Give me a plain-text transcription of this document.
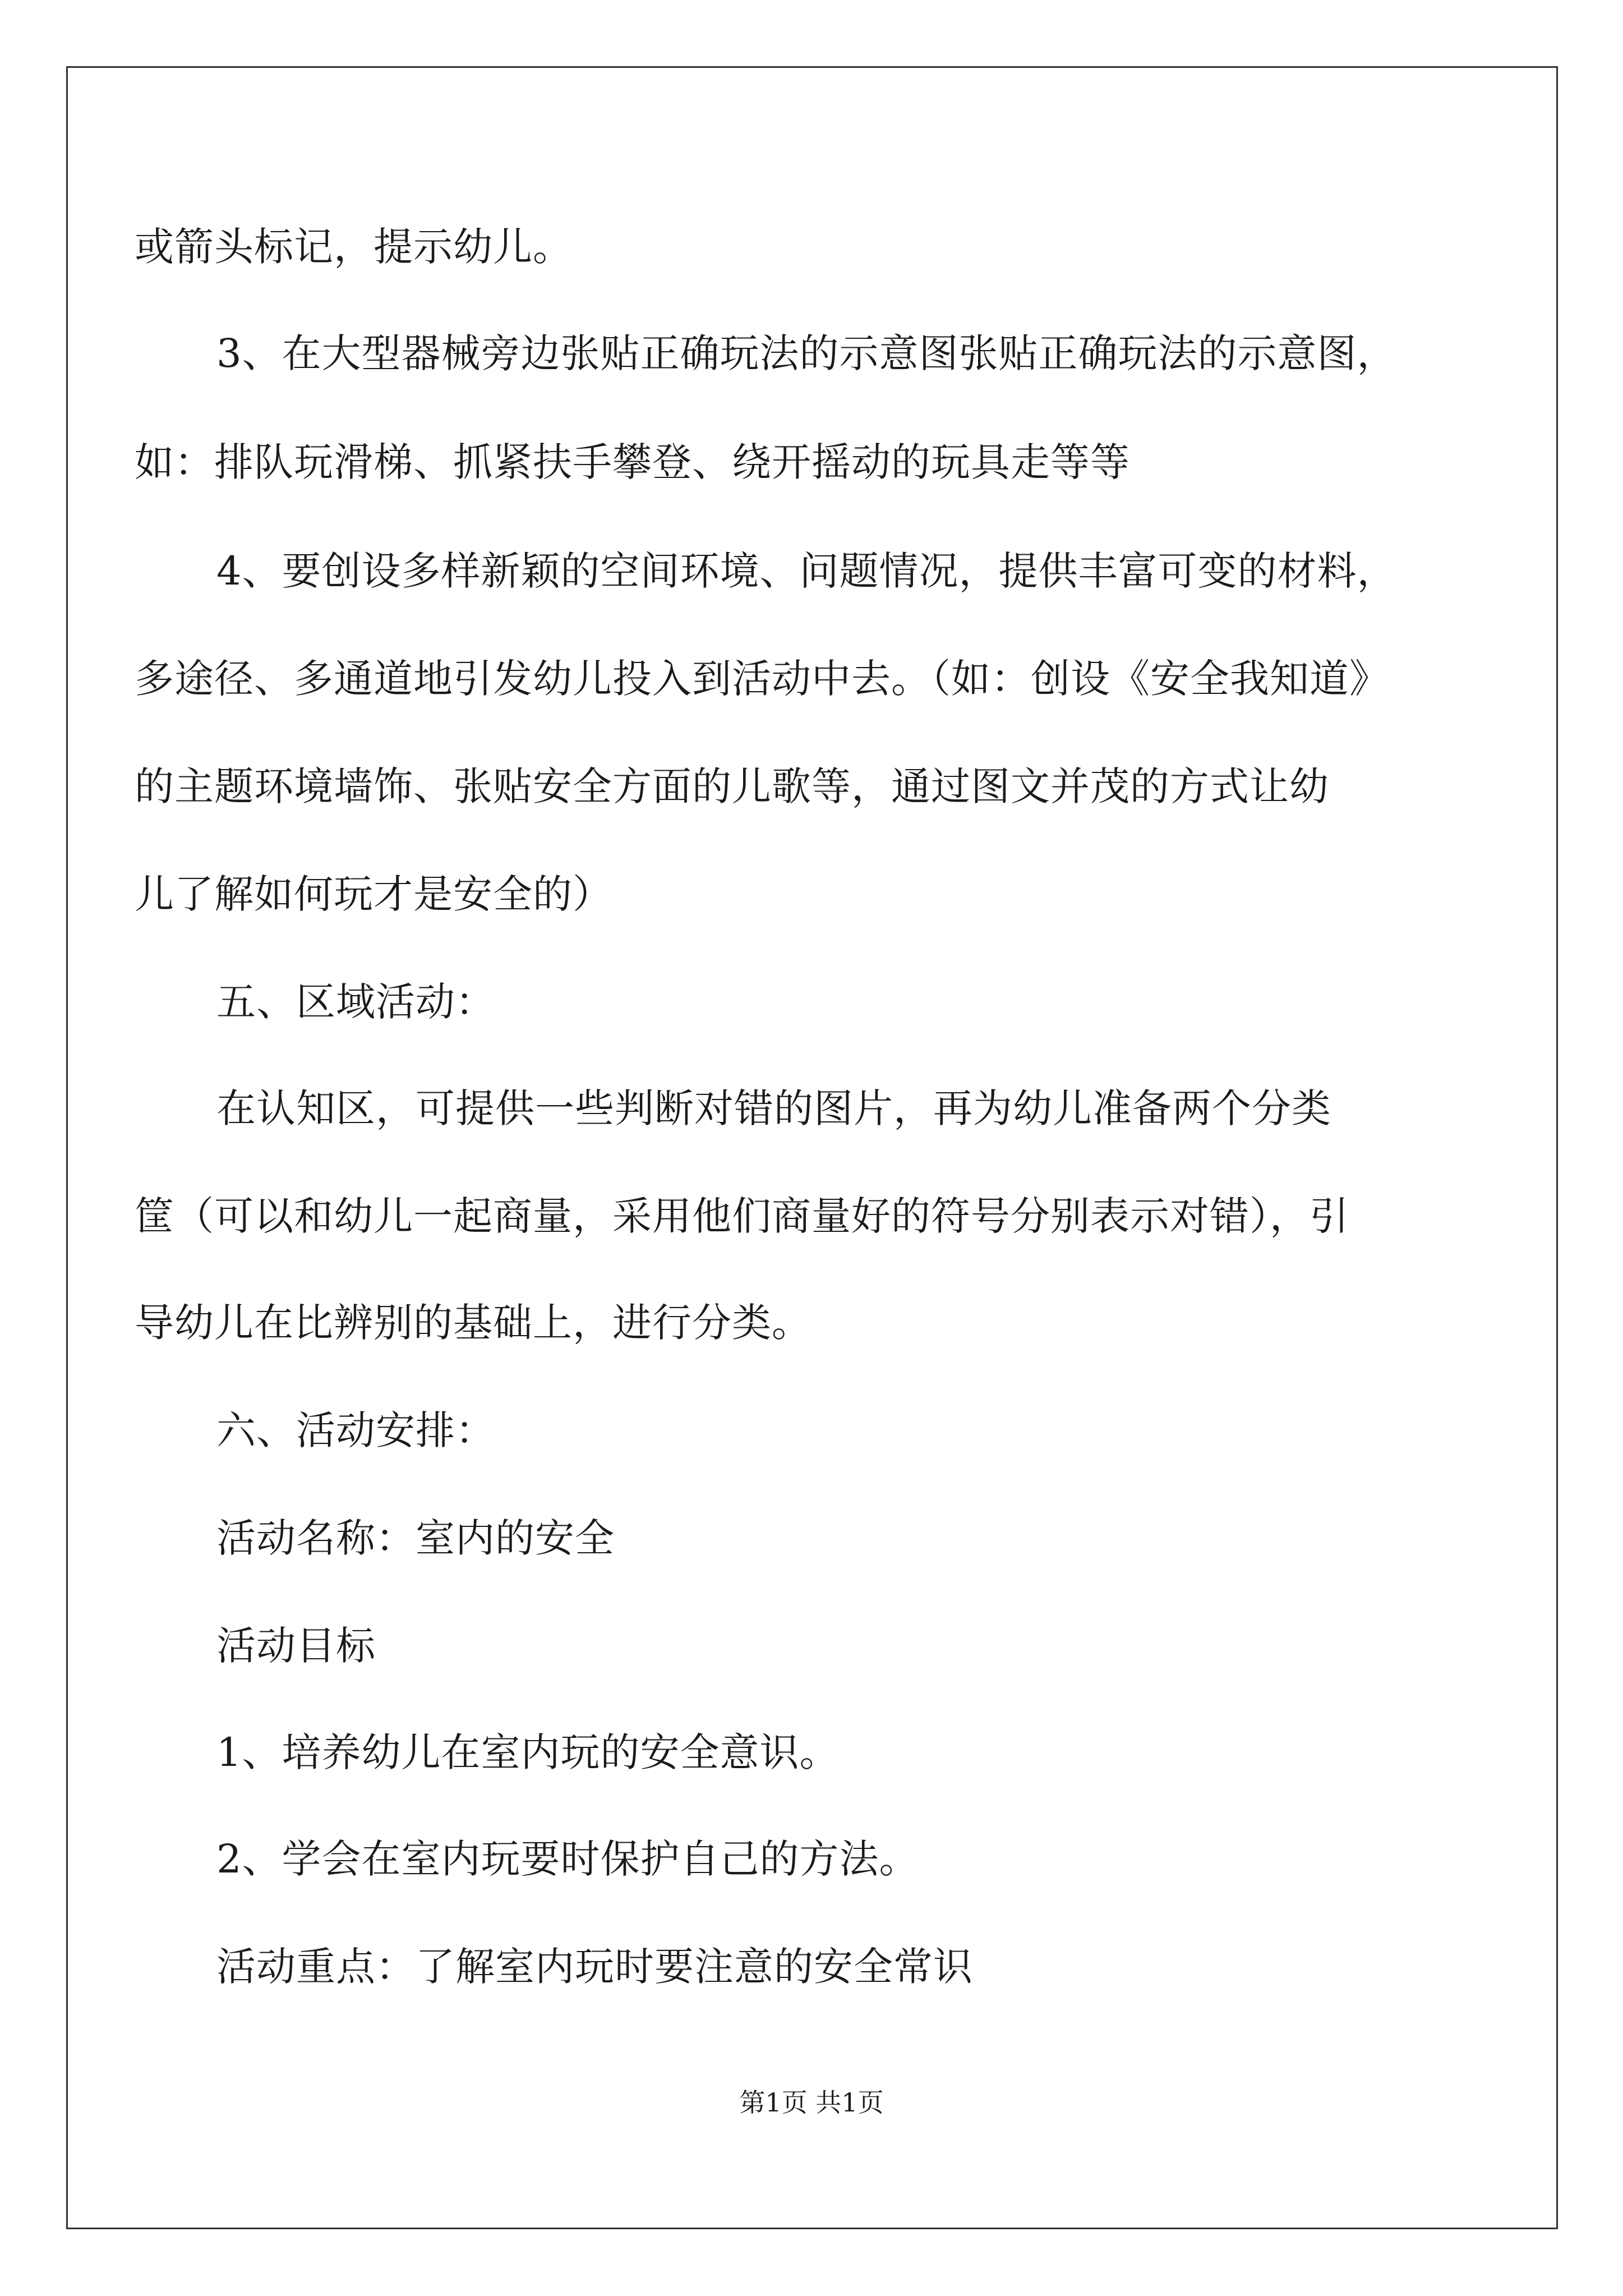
或箭头标记，提示幼儿。
3、在大型器械旁边张贴正确玩法的示意图张贴正确玩法的示意图，
如：排队玩滑梯、抓紧扶手攀登、绕开摇动的玩具走等等
4、要创设多样新颖的空间环境、问题情况，提供丰富可变的材料，
多途径、多通道地引发幼儿投入到活动中去。（如：创设《安全我知道》
的主题环境墙饰、张贴安全方面的儿歌等，通过图文并茂的方式让幼
儿了解如何玩才是安全的）
五、区域活动：
在认知区，可提供一些判断对错的图片，再为幼儿准备两个分类
筐（可以和幼儿一起商量，采用他们商量好的符号分别表示对错），引
导幼儿在比辨别的基础上，进行分类。
六、活动安排：
活动名称：室内的安全
活动目标
1、培养幼儿在室内玩的安全意识。
2、学会在室内玩要时保护自己的方法。
活动重点：了解室内玩时要注意的安全常识
第1页 共1页
